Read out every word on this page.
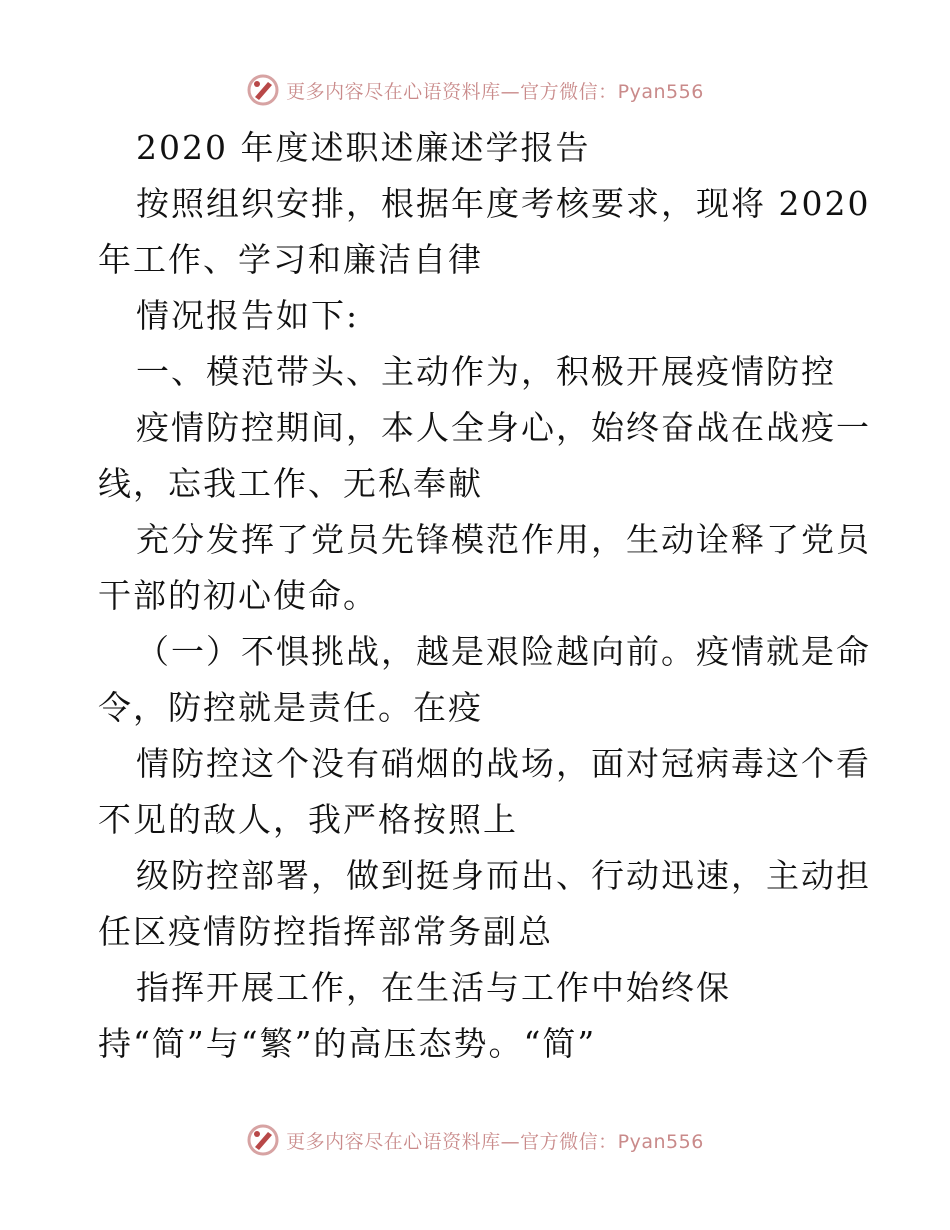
更多内容尽在心语资料库—官方微信：Pyan556
2020 年度述职述廉述学报告
按照组织安排，根据年度考核要求，现将 2020
年工作、学习和廉洁自律
情况报告如下:
一、模范带头、主动作为，积极开展疫情防控
疫情防控期间，本人全身心，始终奋战在战疫一
线，忘我工作、无私奉献
充分发挥了党员先锋模范作用，生动诠释了党员
干部的初心使命。
（一）不惧挑战，越是艰险越向前。疫情就是命
令，防控就是责任。在疫
情防控这个没有硝烟的战场，面对冠病毒这个看
不见的敌人，我严格按照上
级防控部署，做到挺身而出、行动迅速，主动担
任区疫情防控指挥部常务副总
指挥开展工作，在生活与工作中始终保
持“简”与“繁”的高压态势。“简”
更多内容尽在心语资料库—官方微信：Pyan556
